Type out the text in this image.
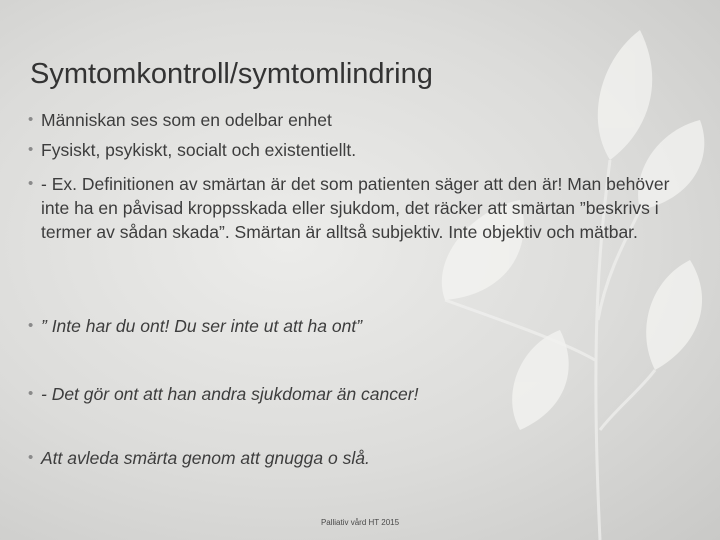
Symtomkontroll/symtomlindring
• Människan ses som en odelbar enhet
• Fysiskt, psykiskt, socialt och existentiellt.
• - Ex. Definitionen av smärtan är det som patienten säger att den är! Man behöver inte ha en påvisad kroppsskada eller sjukdom, det räcker att smärtan ”beskrivs i termer av sådan skada”. Smärtan är alltså subjektiv. Inte objektiv och mätbar.
• ” Inte har du ont! Du ser inte ut att ha ont”
• - Det gör ont att han andra sjukdomar än cancer!
• Att avleda smärta genom att gnugga o slå.
Palliativ vård HT 2015
